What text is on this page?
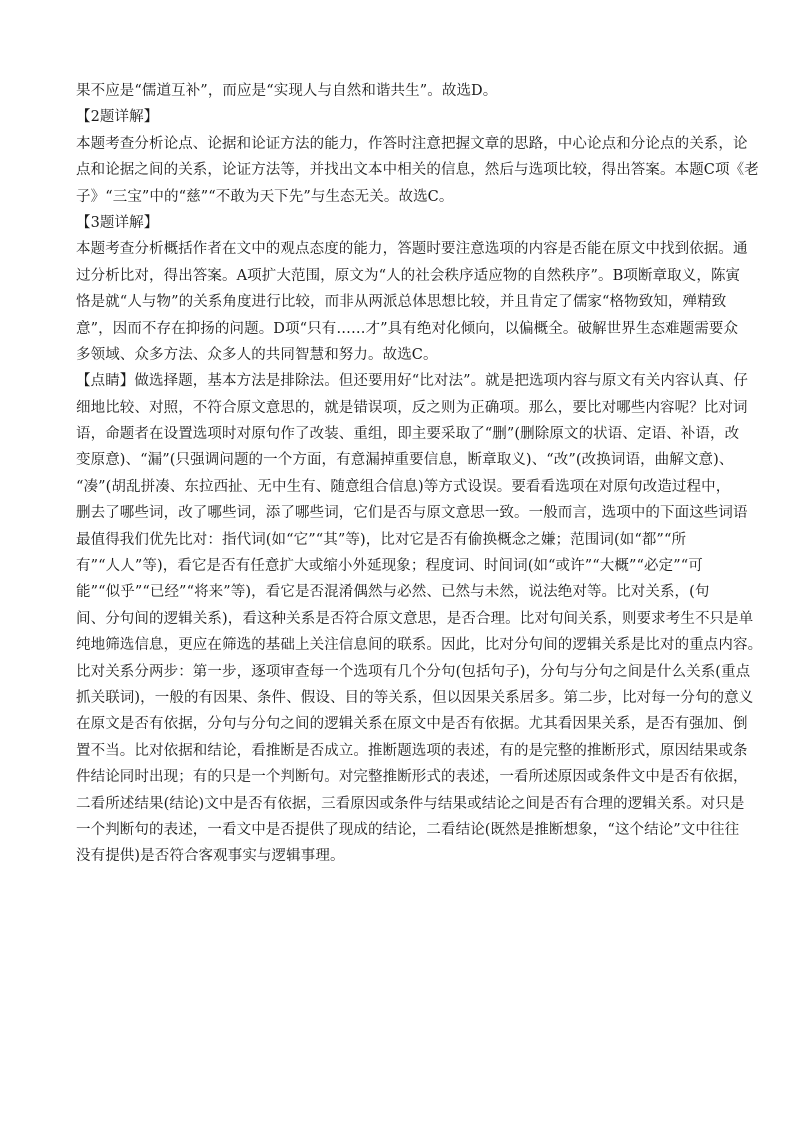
果不应是“儒道互补”，而应是“实现人与自然和谐共生”。故选D。
【2题详解】
本题考查分析论点、论据和论证方法的能力，作答时注意把握文章的思路，中心论点和分论点的关系，论
点和论据之间的关系，论证方法等，并找出文本中相关的信息，然后与选项比较，得出答案。本题C项《老
子》“三宝”中的“慈”“不敢为天下先”与生态无关。故选C。
【3题详解】
本题考查分析概括作者在文中的观点态度的能力，答题时要注意选项的内容是否能在原文中找到依据。通
过分析比对，得出答案。A项扩大范围，原文为“人的社会秩序适应物的自然秩序”。B项断章取义，陈寅
恪是就“人与物”的关系角度进行比较，而非从两派总体思想比较，并且肯定了儒家“格物致知，殚精致
意”，因而不存在抑扬的问题。D项“只有……才”具有绝对化倾向，以偏概全。破解世界生态难题需要众
多领域、众多方法、众多人的共同智慧和努力。故选C。
【点睛】做选择题，基本方法是排除法。但还要用好“比对法”。就是把选项内容与原文有关内容认真、仔
细地比较、对照，不符合原文意思的，就是错误项，反之则为正确项。那么，要比对哪些内容呢？比对词
语，命题者在设置选项时对原句作了改装、重组，即主要采取了“删”(删除原文的状语、定语、补语，改
变原意)、“漏”(只强调问题的一个方面，有意漏掉重要信息，断章取义)、“改”(改换词语，曲解文意)、
“凑”(胡乱拼凑、东拉西扯、无中生有、随意组合信息)等方式设误。要看看选项在对原句改造过程中，
删去了哪些词，改了哪些词，添了哪些词，它们是否与原文意思一致。一般而言，选项中的下面这些词语
最值得我们优先比对：指代词(如“它”“其”等)，比对它是否有偷换概念之嫌；范围词(如“都”“所
有”“人人”等)，看它是否有任意扩大或缩小外延现象；程度词、时间词(如“或许”“大概”“必定”“可
能”“似乎”“已经”“将来”等)，看它是否混淆偶然与必然、已然与未然，说法绝对等。比对关系，(句
间、分句间的逻辑关系)，看这种关系是否符合原文意思，是否合理。比对句间关系，则要求考生不只是单
纯地筛选信息，更应在筛选的基础上关注信息间的联系。因此，比对分句间的逻辑关系是比对的重点内容。
比对关系分两步：第一步，逐项审查每一个选项有几个分句(包括句子)，分句与分句之间是什么关系(重点
抓关联词)，一般的有因果、条件、假设、目的等关系，但以因果关系居多。第二步，比对每一分句的意义
在原文是否有依据，分句与分句之间的逻辑关系在原文中是否有依据。尤其看因果关系，是否有强加、倒
置不当。比对依据和结论，看推断是否成立。推断题选项的表述，有的是完整的推断形式，原因结果或条
件结论同时出现；有的只是一个判断句。对完整推断形式的表述，一看所述原因或条件文中是否有依据，
二看所述结果(结论)文中是否有依据，三看原因或条件与结果或结论之间是否有合理的逻辑关系。对只是
一个判断句的表述，一看文中是否提供了现成的结论，二看结论(既然是推断想象，“这个结论”文中往往
没有提供)是否符合客观事实与逻辑事理。
